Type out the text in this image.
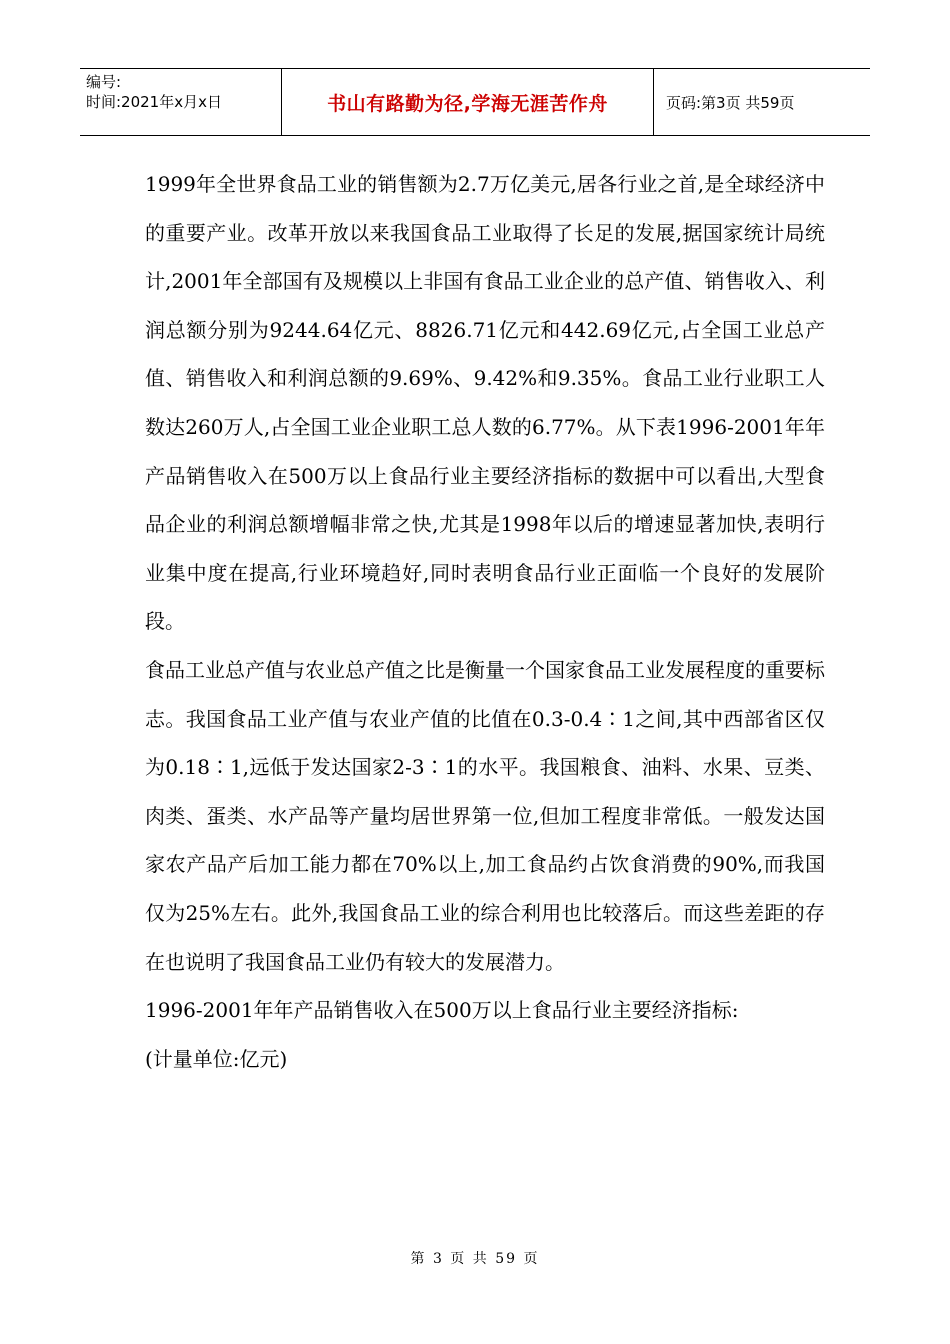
编号:
时间:2021年x月x日	书山有路勤为径,学海无涯苦作舟	页码:第3页 共59页

1999年全世界食品工业的销售额为2.7万亿美元,居各行业之首,是全球经济中的重要产业。改革开放以来我国食品工业取得了长足的发展,据国家统计局统计,2001年全部国有及规模以上非国有食品工业企业的总产值、销售收入、利润总额分别为9244.64亿元、8826.71亿元和442.69亿元,占全国工业总产值、销售收入和利润总额的9.69%、9.42%和9.35%。食品工业行业职工人数达260万人,占全国工业企业职工总人数的6.77%。从下表1996-2001年年产品销售收入在500万以上食品行业主要经济指标的数据中可以看出,大型食品企业的利润总额增幅非常之快,尤其是1998年以后的增速显著加快,表明行业集中度在提高,行业环境趋好,同时表明食品行业正面临一个良好的发展阶段。

食品工业总产值与农业总产值之比是衡量一个国家食品工业发展程度的重要标志。我国食品工业产值与农业产值的比值在0.3-0.4∶1之间,其中西部省区仅为0.18∶1,远低于发达国家2-3∶1的水平。我国粮食、油料、水果、豆类、肉类、蛋类、水产品等产量均居世界第一位,但加工程度非常低。一般发达国家农产品产后加工能力都在70%以上,加工食品约占饮食消费的90%,而我国仅为25%左右。此外,我国食品工业的综合利用也比较落后。而这些差距的存在也说明了我国食品工业仍有较大的发展潜力。

1996-2001年年产品销售收入在500万以上食品行业主要经济指标:

(计量单位:亿元)

第 3 页 共 59 页
